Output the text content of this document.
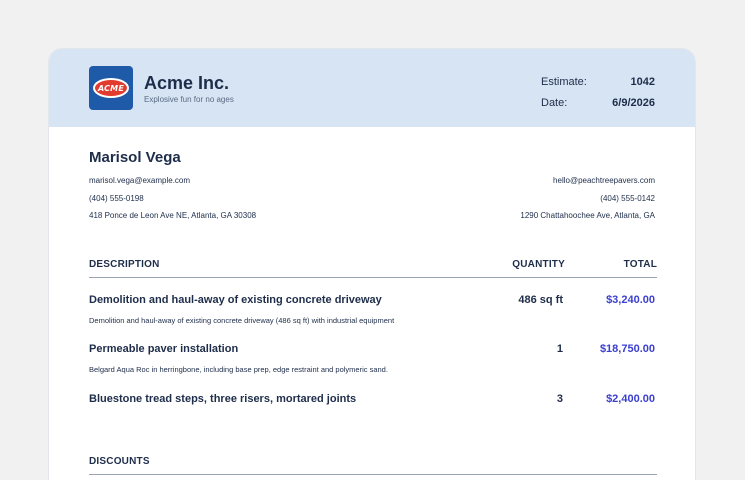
ACME Acme Inc.
Explosive fun for no ages
Estimate:	1042
Date:	6/9/2026
Marisol Vega
marisol.vega@example.com
(404) 555-0198
418 Ponce de Leon Ave NE, Atlanta, GA 30308
hello@peachtreepavers.com
(404) 555-0142
1290 Chattahoochee Ave, Atlanta, GA
DESCRIPTION	QUANTITY	TOTAL
Demolition and haul-away of existing concrete driveway	486 sq ft	$3,240.00
Demolition and haul-away of existing concrete driveway (486 sq ft) with industrial equipment
Permeable paver installation	1	$18,750.00
Belgard Aqua Roc in herringbone, including base prep, edge restraint and polymeric sand.
Bluestone tread steps, three risers, mortared joints	3	$2,400.00
DISCOUNTS
